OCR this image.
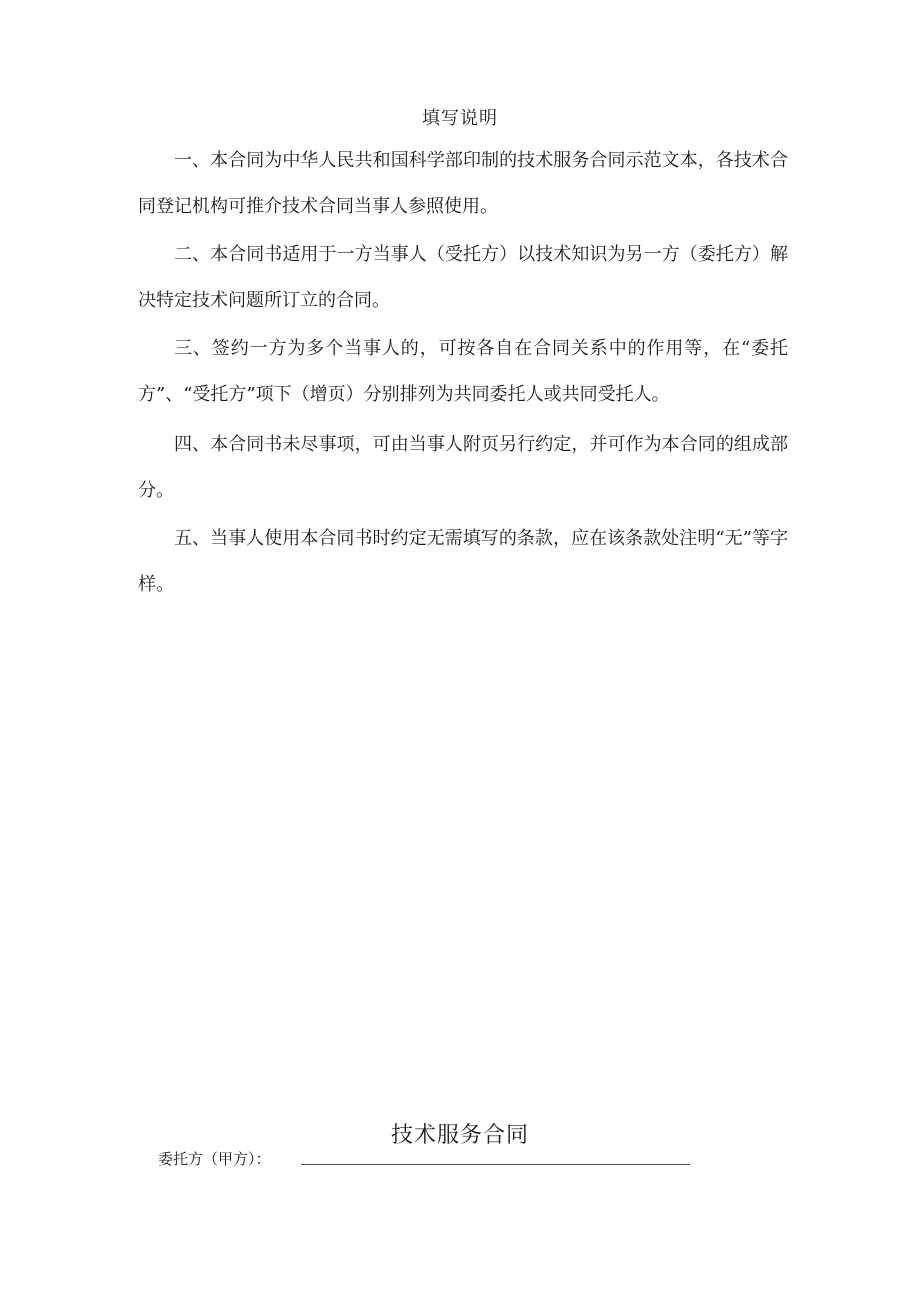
填写说明
一、本合同为中华人民共和国科学部印制的技术服务合同示范文本，各技术合同登记机构可推介技术合同当事人参照使用。
二、本合同书适用于一方当事人（受托方）以技术知识为另一方（委托方）解决特定技术问题所订立的合同。
三、签约一方为多个当事人的，可按各自在合同关系中的作用等，在“委托方”、“受托方”项下（增页）分别排列为共同委托人或共同受托人。
四、本合同书未尽事项，可由当事人附页另行约定，并可作为本合同的组成部分。
五、当事人使用本合同书时约定无需填写的条款，应在该条款处注明“无”等字样。
技术服务合同
委托方（甲方）：
